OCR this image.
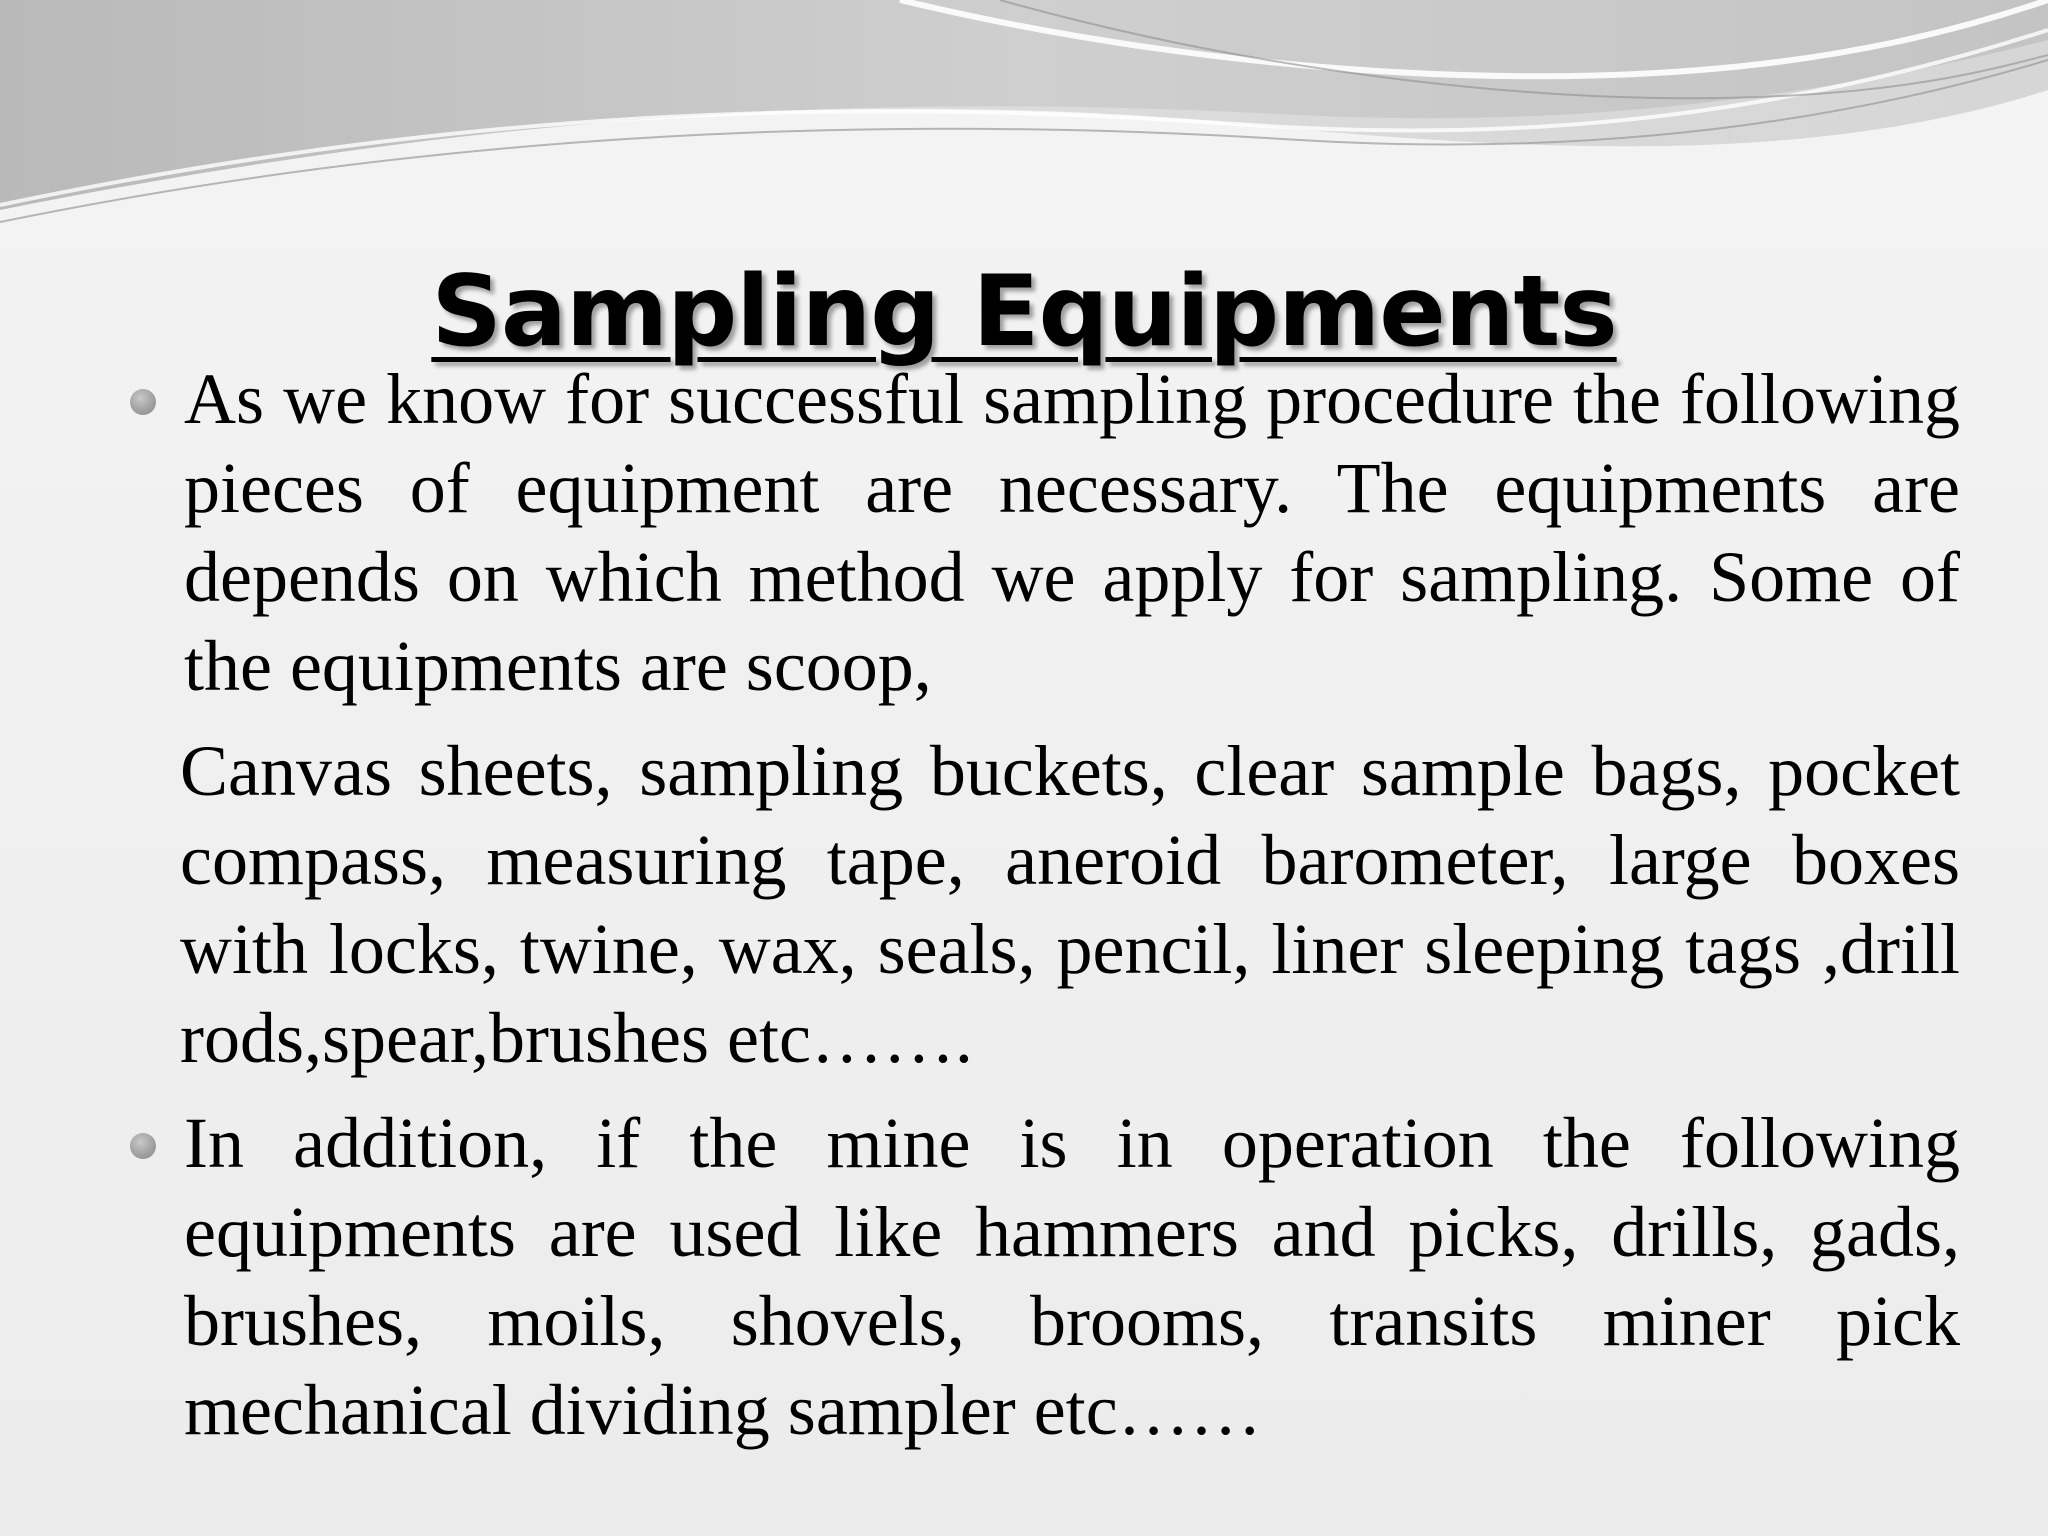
Sampling Equipments
As we know for successful sampling procedure the following pieces of equipment are necessary. The equipments are depends on which method we apply for sampling. Some of the equipments are scoop,
Canvas sheets, sampling buckets, clear sample bags, pocket compass, measuring tape, aneroid barometer, large boxes with locks, twine, wax, seals, pencil, liner sleeping tags ,drill rods,spear,brushes etc…….
In addition, if the mine is in operation the following equipments are used like hammers and picks, drills, gads, brushes, moils, shovels, brooms, transits miner pick mechanical dividing sampler etc……
